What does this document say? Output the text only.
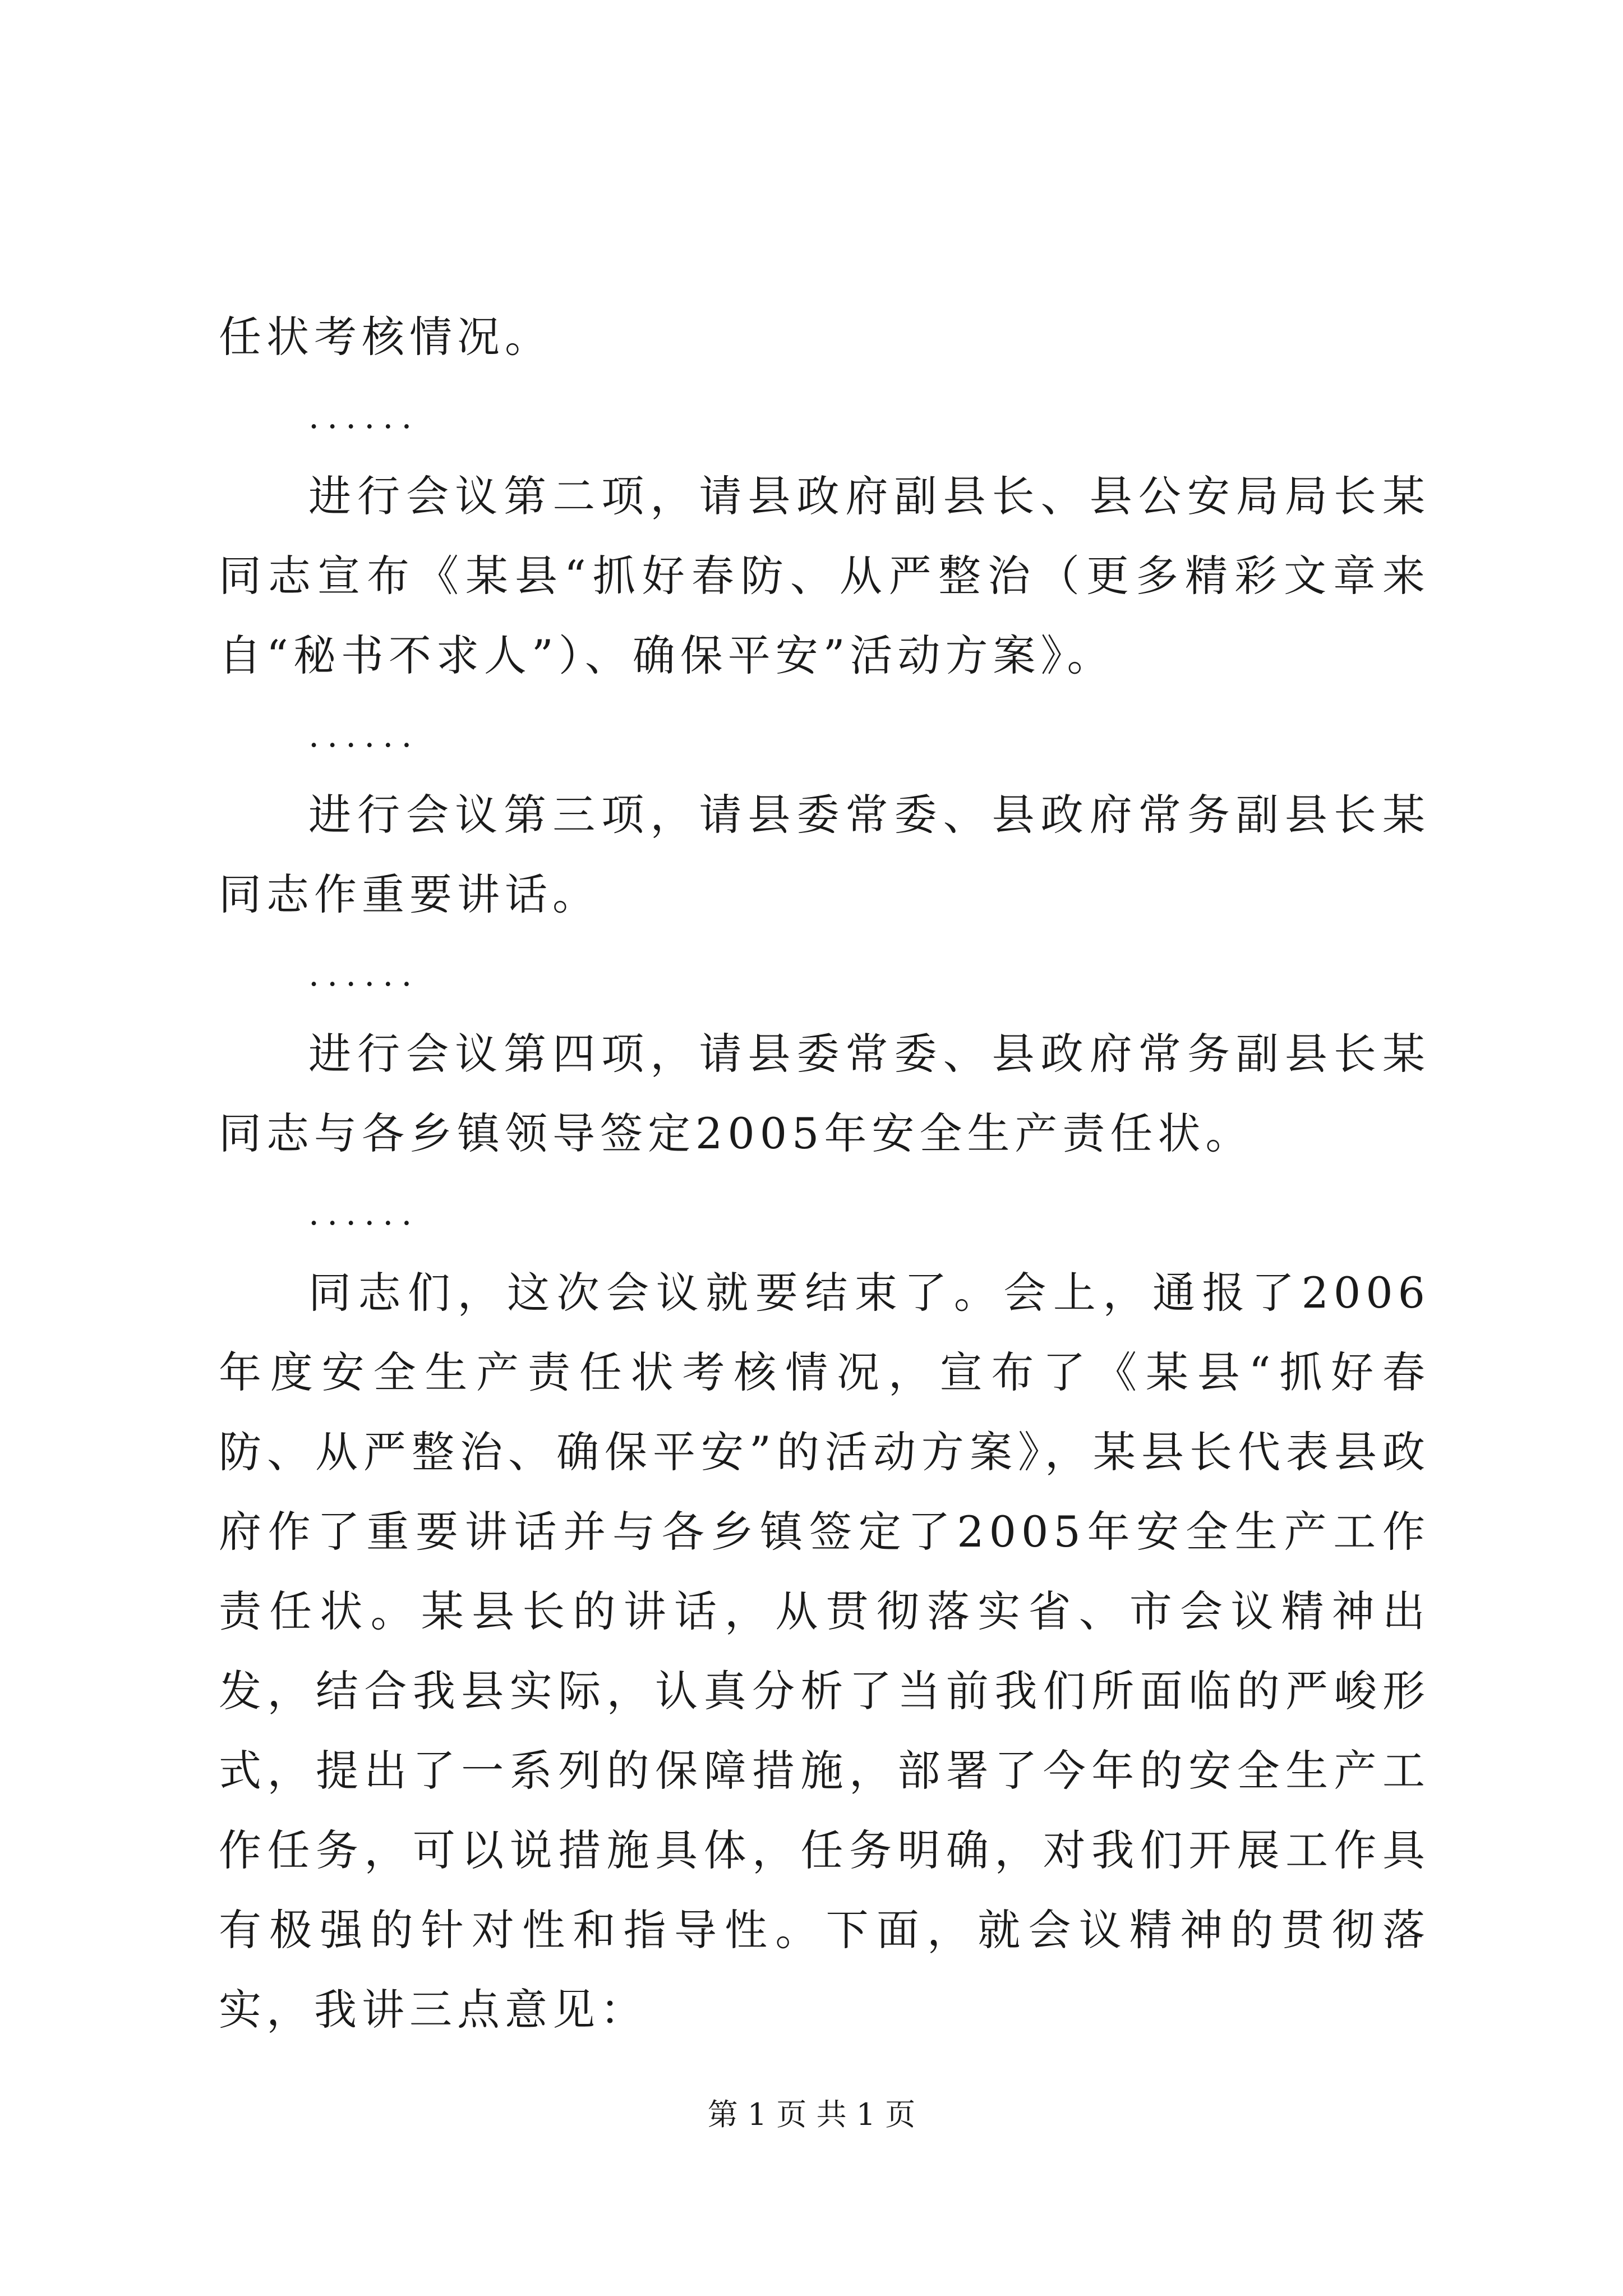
任状考核情况。

......

进行会议第二项，请县政府副县长、县公安局局长某同志宣布《某县“抓好春防、从严整治（更多精彩文章来自“秘书不求人”）、确保平安”活动方案》。

......

进行会议第三项，请县委常委、县政府常务副县长某同志作重要讲话。

......

进行会议第四项，请县委常委、县政府常务副县长某同志与各乡镇领导签定2005年安全生产责任状。

......

同志们，这次会议就要结束了。会上，通报了2006年度安全生产责任状考核情况，宣布了《某县“抓好春防、从严整治、确保平安”的活动方案》，某县长代表县政府作了重要讲话并与各乡镇签定了2005年安全生产工作责任状。某县长的讲话，从贯彻落实省、市会议精神出发，结合我县实际，认真分析了当前我们所面临的严峻形式，提出了一系列的保障措施，部署了今年的安全生产工作任务，可以说措施具体，任务明确，对我们开展工作具有极强的针对性和指导性。下面，就会议精神的贯彻落实，我讲三点意见：

第 1 页 共 1 页
